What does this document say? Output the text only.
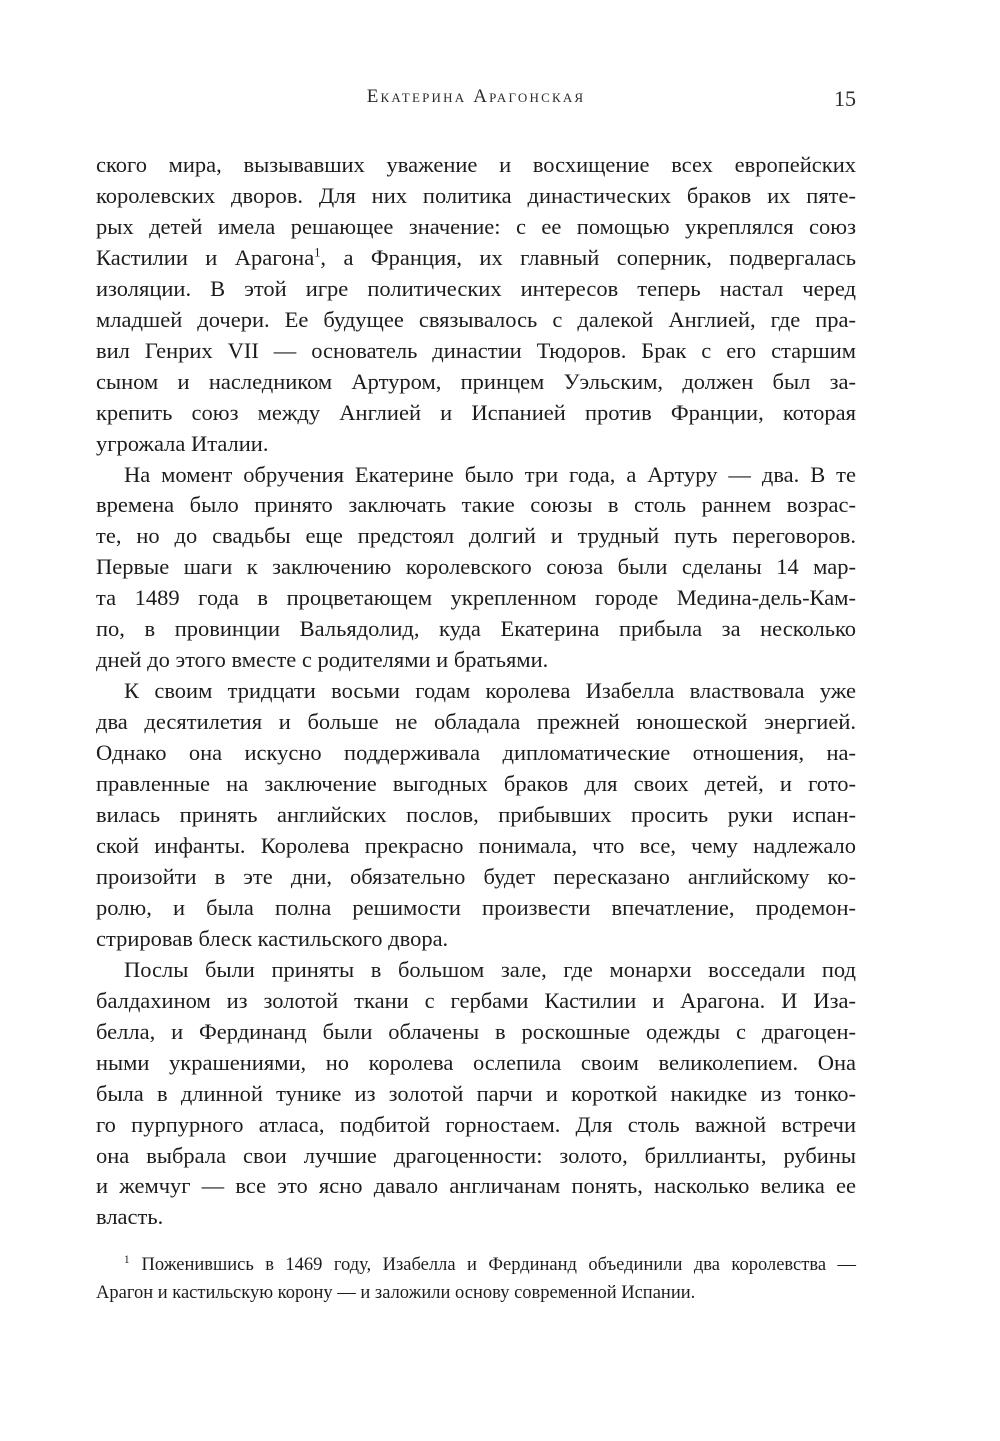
Екатерина Арагонская	15
ского мира, вызывавших уважение и восхищение всех европейских
королевских дворов. Для них политика династических браков их пяте-
рых детей имела решающее значение: с ее помощью укреплялся союз
Кастилии и Арагона$^1$, а Франция, их главный соперник, подвергалась
изоляции. В этой игре политических интересов теперь настал черед
младшей дочери. Ее будущее связывалось с далекой Англией, где пра-
вил Генрих VII — основатель династии Тюдоров. Брак с его старшим
сыном и наследником Артуром, принцем Уэльским, должен был за-
крепить союз между Англией и Испанией против Франции, которая
угрожала Италии.
На момент обручения Екатерине было три года, а Артуру — два. В те
времена было принято заключать такие союзы в столь раннем возрас-
те, но до свадьбы еще предстоял долгий и трудный путь переговоров.
Первые шаги к заключению королевского союза были сделаны 14 мар-
та 1489 года в процветающем укрепленном городе Медина-дель-Кам-
по, в провинции Вальядолид, куда Екатерина прибыла за несколько
дней до этого вместе с родителями и братьями.
К своим тридцати восьми годам королева Изабелла властвовала уже
два десятилетия и больше не обладала прежней юношеской энергией.
Однако она искусно поддерживала дипломатические отношения, на-
правленные на заключение выгодных браков для своих детей, и гото-
вилась принять английских послов, прибывших просить руки испан-
ской инфанты. Королева прекрасно понимала, что все, чему надлежало
произойти в эте дни, обязательно будет пересказано английскому ко-
ролю, и была полна решимости произвести впечатление, продемон-
стрировав блеск кастильского двора.
Послы были приняты в большом зале, где монархи восседали под
балдахином из золотой ткани с гербами Кастилии и Арагона. И Иза-
белла, и Фердинанд были облачены в роскошные одежды с драгоцен-
ными украшениями, но королева ослепила своим великолепием. Она
была в длинной тунике из золотой парчи и короткой накидке из тонко-
го пурпурного атласа, подбитой горностаем. Для столь важной встречи
она выбрала свои лучшие драгоценности: золото, бриллианты, рубины
и жемчуг — все это ясно давало англичанам понять, насколько велика ее
власть.
$^1$ Поженившись в 1469 году, Изабелла и Фердинанд объединили два королевства —
Арагон и кастильскую корону — и заложили основу современной Испании.
